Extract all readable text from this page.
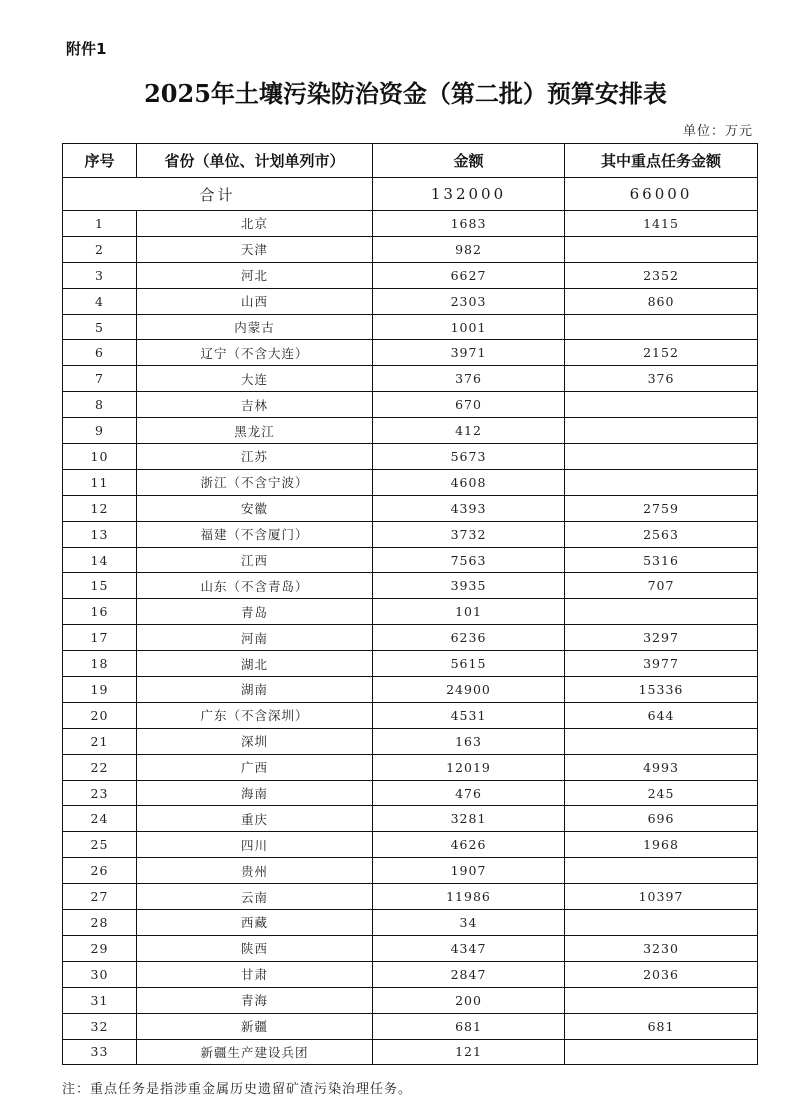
附件1
2025年土壤污染防治资金（第二批）预算安排表
单位：万元
序号	省份（单位、计划单列市）	金额	其中重点任务金额
合计		132000	66000
1	北京	1683	1415
2	天津	982	
3	河北	6627	2352
4	山西	2303	860
5	内蒙古	1001	
6	辽宁（不含大连）	3971	2152
7	大连	376	376
8	吉林	670	
9	黑龙江	412	
10	江苏	5673	
11	浙江（不含宁波）	4608	
12	安徽	4393	2759
13	福建（不含厦门）	3732	2563
14	江西	7563	5316
15	山东（不含青岛）	3935	707
16	青岛	101	
17	河南	6236	3297
18	湖北	5615	3977
19	湖南	24900	15336
20	广东（不含深圳）	4531	644
21	深圳	163	
22	广西	12019	4993
23	海南	476	245
24	重庆	3281	696
25	四川	4626	1968
26	贵州	1907	
27	云南	11986	10397
28	西藏	34	
29	陕西	4347	3230
30	甘肃	2847	2036
31	青海	200	
32	新疆	681	681
33	新疆生产建设兵团	121	
注：重点任务是指涉重金属历史遗留矿渣污染治理任务。
